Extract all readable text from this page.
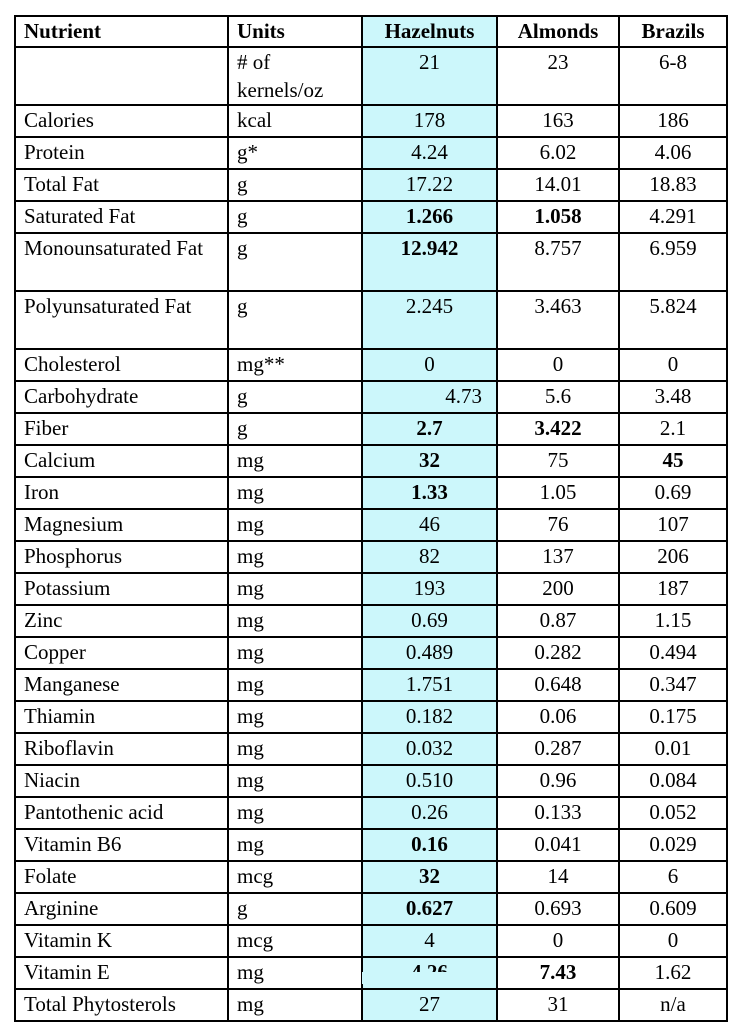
Nutrient	Units	Hazelnuts	Almonds	Brazils
	# of kernels/oz	21	23	6-8
Calories	kcal	178	163	186
Protein	g*	4.24	6.02	4.06
Total Fat	g	17.22	14.01	18.83
Saturated Fat	g	1.266	1.058	4.291
Monounsaturated Fat	g	12.942	8.757	6.959
Polyunsaturated Fat	g	2.245	3.463	5.824
Cholesterol	mg**	0	0	0
Carbohydrate	g	4.73	5.6	3.48
Fiber	g	2.7	3.422	2.1
Calcium	mg	32	75	45
Iron	mg	1.33	1.05	0.69
Magnesium	mg	46	76	107
Phosphorus	mg	82	137	206
Potassium	mg	193	200	187
Zinc	mg	0.69	0.87	1.15
Copper	mg	0.489	0.282	0.494
Manganese	mg	1.751	0.648	0.347
Thiamin	mg	0.182	0.06	0.175
Riboflavin	mg	0.032	0.287	0.01
Niacin	mg	0.510	0.96	0.084
Pantothenic acid	mg	0.26	0.133	0.052
Vitamin B6	mg	0.16	0.041	0.029
Folate	mcg	32	14	6
Arginine	g	0.627	0.693	0.609
Vitamin K	mcg	4	0	0
Vitamin E	mg		7.43	1.62
Total Phytosterols	mg	27	31	n/a
